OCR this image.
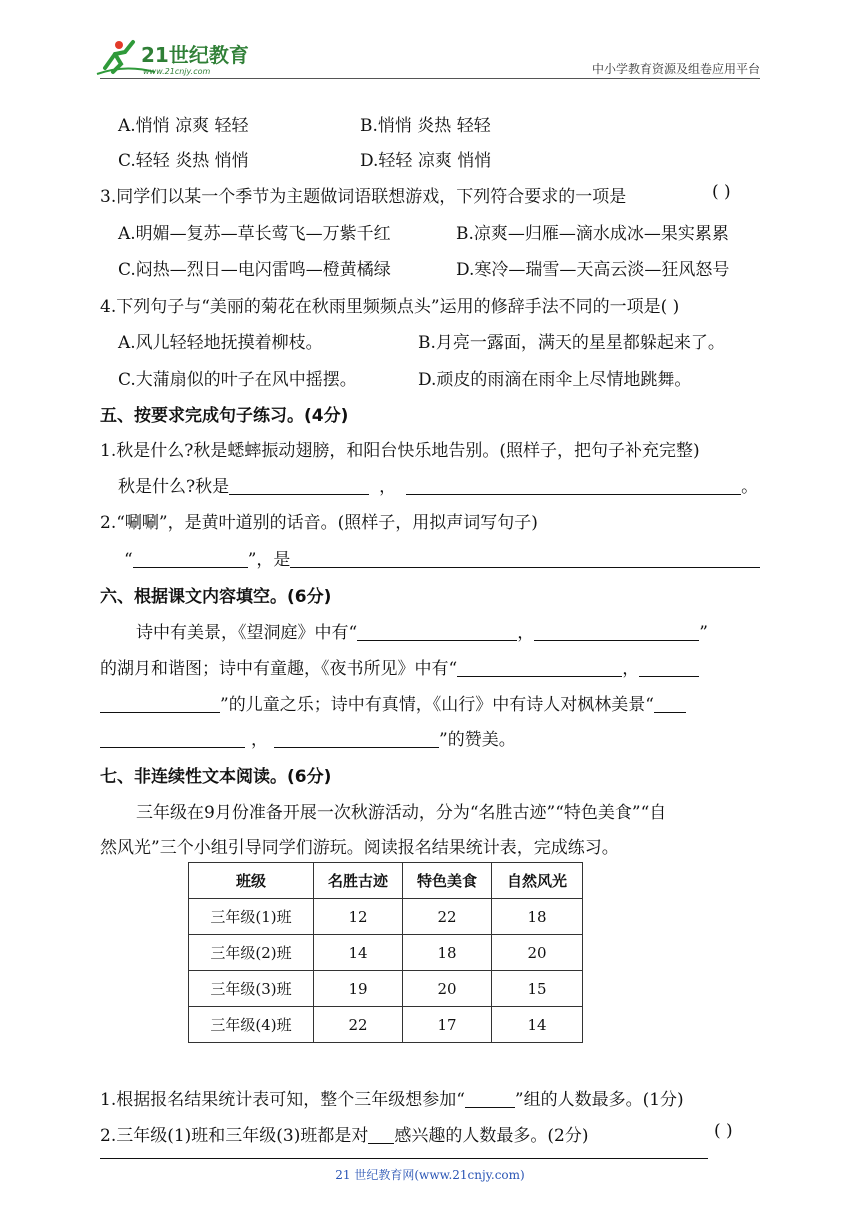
21世纪教育
www.21cnjy.com	中小学教育资源及组卷应用平台
A.悄悄 凉爽 轻轻	B.悄悄 炎热 轻轻
C.轻轻 炎热 悄悄	D.轻轻 凉爽 悄悄
3.同学们以某一个季节为主题做词语联想游戏，下列符合要求的一项是	( )
A.明媚—复苏—草长莺飞—万紫千红	B.凉爽—归雁—滴水成冰—果实累累
C.闷热—烈日—电闪雷鸣—橙黄橘绿	D.寒冷—瑞雪—天高云淡—狂风怒号
4.下列句子与“美丽的菊花在秋雨里频频点头”运用的修辞手法不同的一项是( )
A.风儿轻轻地抚摸着柳枝。	B.月亮一露面，满天的星星都躲起来了。
C.大蒲扇似的叶子在风中摇摆。	D.顽皮的雨滴在雨伞上尽情地跳舞。
五、按要求完成句子练习。(4分)
1.秋是什么?秋是蟋蟀振动翅膀，和阳台快乐地告别。(照样子，把句子补充完整)
秋是什么?秋是	，	。
2.“唰唰”，是黄叶道别的话音。(照样子，用拟声词写句子)
“	”，是
六、根据课文内容填空。(6分)
诗中有美景，《望洞庭》中有“	，	”
的湖月和谐图；诗中有童趣，《夜书所见》中有“	，
”的儿童之乐；诗中有真情，《山行》中有诗人对枫林美景“
，	”的赞美。
七、非连续性文本阅读。(6分)
三年级在9月份准备开展一次秋游活动，分为“名胜古迹”“特色美食”“自
然风光”三个小组引导同学们游玩。阅读报名结果统计表，完成练习。
班级	名胜古迹	特色美食	自然风光
三年级(1)班	12	22	18
三年级(2)班	14	18	20
三年级(3)班	19	20	15
三年级(4)班	22	17	14
1.根据报名结果统计表可知，整个三年级想参加“	”组的人数最多。(1分)
2.三年级(1)班和三年级(3)班都是对 感兴趣的人数最多。(2分)	( )
21 世纪教育网(www.21cnjy.com)
